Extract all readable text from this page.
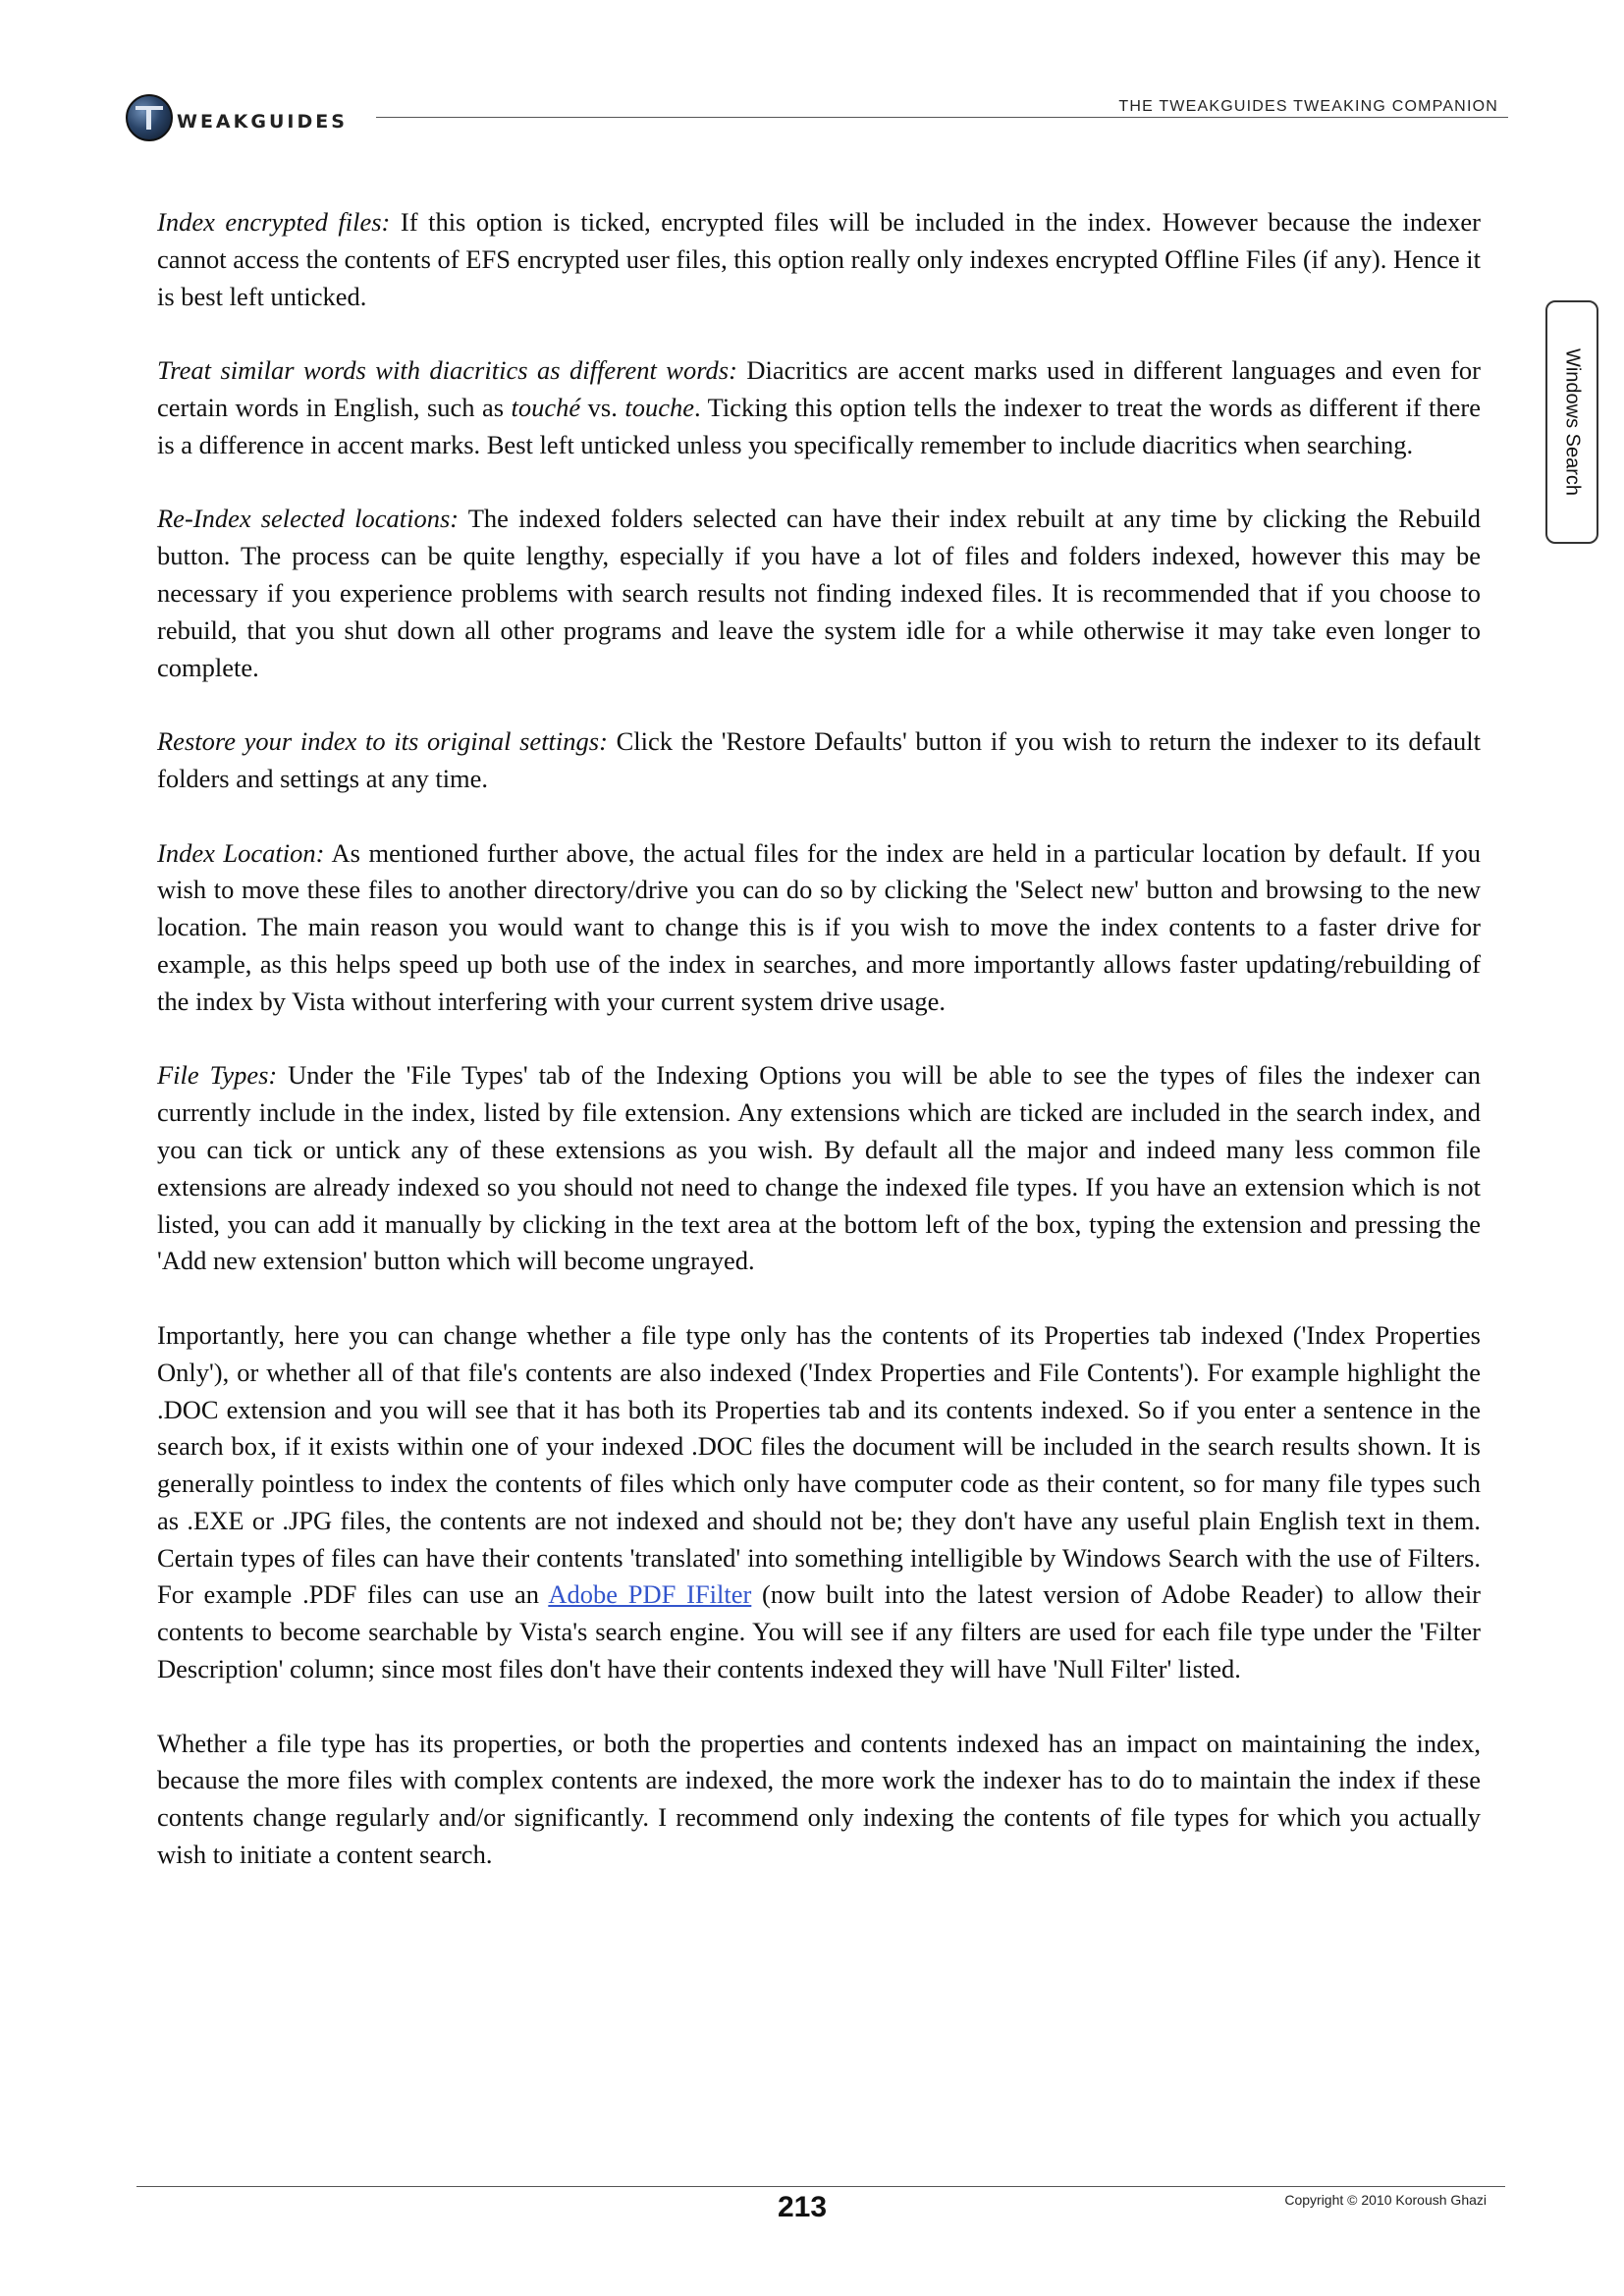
WEAKGUIDES
THE TWEAKGUIDES TWEAKING COMPANION
Windows Search

Index encrypted files: If this option is ticked, encrypted files will be included in the index. However because the indexer cannot access the contents of EFS encrypted user files, this option really only indexes encrypted Offline Files (if any). Hence it is best left unticked.

Treat similar words with diacritics as different words: Diacritics are accent marks used in different languages and even for certain words in English, such as touché vs. touche. Ticking this option tells the indexer to treat the words as different if there is a difference in accent marks. Best left unticked unless you specifically remember to include diacritics when searching.

Re-Index selected locations: The indexed folders selected can have their index rebuilt at any time by clicking the Rebuild button. The process can be quite lengthy, especially if you have a lot of files and folders indexed, however this may be necessary if you experience problems with search results not finding indexed files. It is recommended that if you choose to rebuild, that you shut down all other programs and leave the system idle for a while otherwise it may take even longer to complete.

Restore your index to its original settings: Click the 'Restore Defaults' button if you wish to return the indexer to its default folders and settings at any time.

Index Location: As mentioned further above, the actual files for the index are held in a particular location by default. If you wish to move these files to another directory/drive you can do so by clicking the 'Select new' button and browsing to the new location. The main reason you would want to change this is if you wish to move the index contents to a faster drive for example, as this helps speed up both use of the index in searches, and more importantly allows faster updating/rebuilding of the index by Vista without interfering with your current system drive usage.

File Types: Under the 'File Types' tab of the Indexing Options you will be able to see the types of files the indexer can currently include in the index, listed by file extension. Any extensions which are ticked are included in the search index, and you can tick or untick any of these extensions as you wish. By default all the major and indeed many less common file extensions are already indexed so you should not need to change the indexed file types. If you have an extension which is not listed, you can add it manually by clicking in the text area at the bottom left of the box, typing the extension and pressing the 'Add new extension' button which will become ungrayed.

Importantly, here you can change whether a file type only has the contents of its Properties tab indexed ('Index Properties Only'), or whether all of that file's contents are also indexed ('Index Properties and File Contents'). For example highlight the .DOC extension and you will see that it has both its Properties tab and its contents indexed. So if you enter a sentence in the search box, if it exists within one of your indexed .DOC files the document will be included in the search results shown. It is generally pointless to index the contents of files which only have computer code as their content, so for many file types such as .EXE or .JPG files, the contents are not indexed and should not be; they don't have any useful plain English text in them. Certain types of files can have their contents 'translated' into something intelligible by Windows Search with the use of Filters. For example .PDF files can use an Adobe PDF IFilter (now built into the latest version of Adobe Reader) to allow their contents to become searchable by Vista's search engine. You will see if any filters are used for each file type under the 'Filter Description' column; since most files don't have their contents indexed they will have 'Null Filter' listed.

Whether a file type has its properties, or both the properties and contents indexed has an impact on maintaining the index, because the more files with complex contents are indexed, the more work the indexer has to do to maintain the index if these contents change regularly and/or significantly. I recommend only indexing the contents of file types for which you actually wish to initiate a content search.

213	Copyright © 2010 Koroush Ghazi
